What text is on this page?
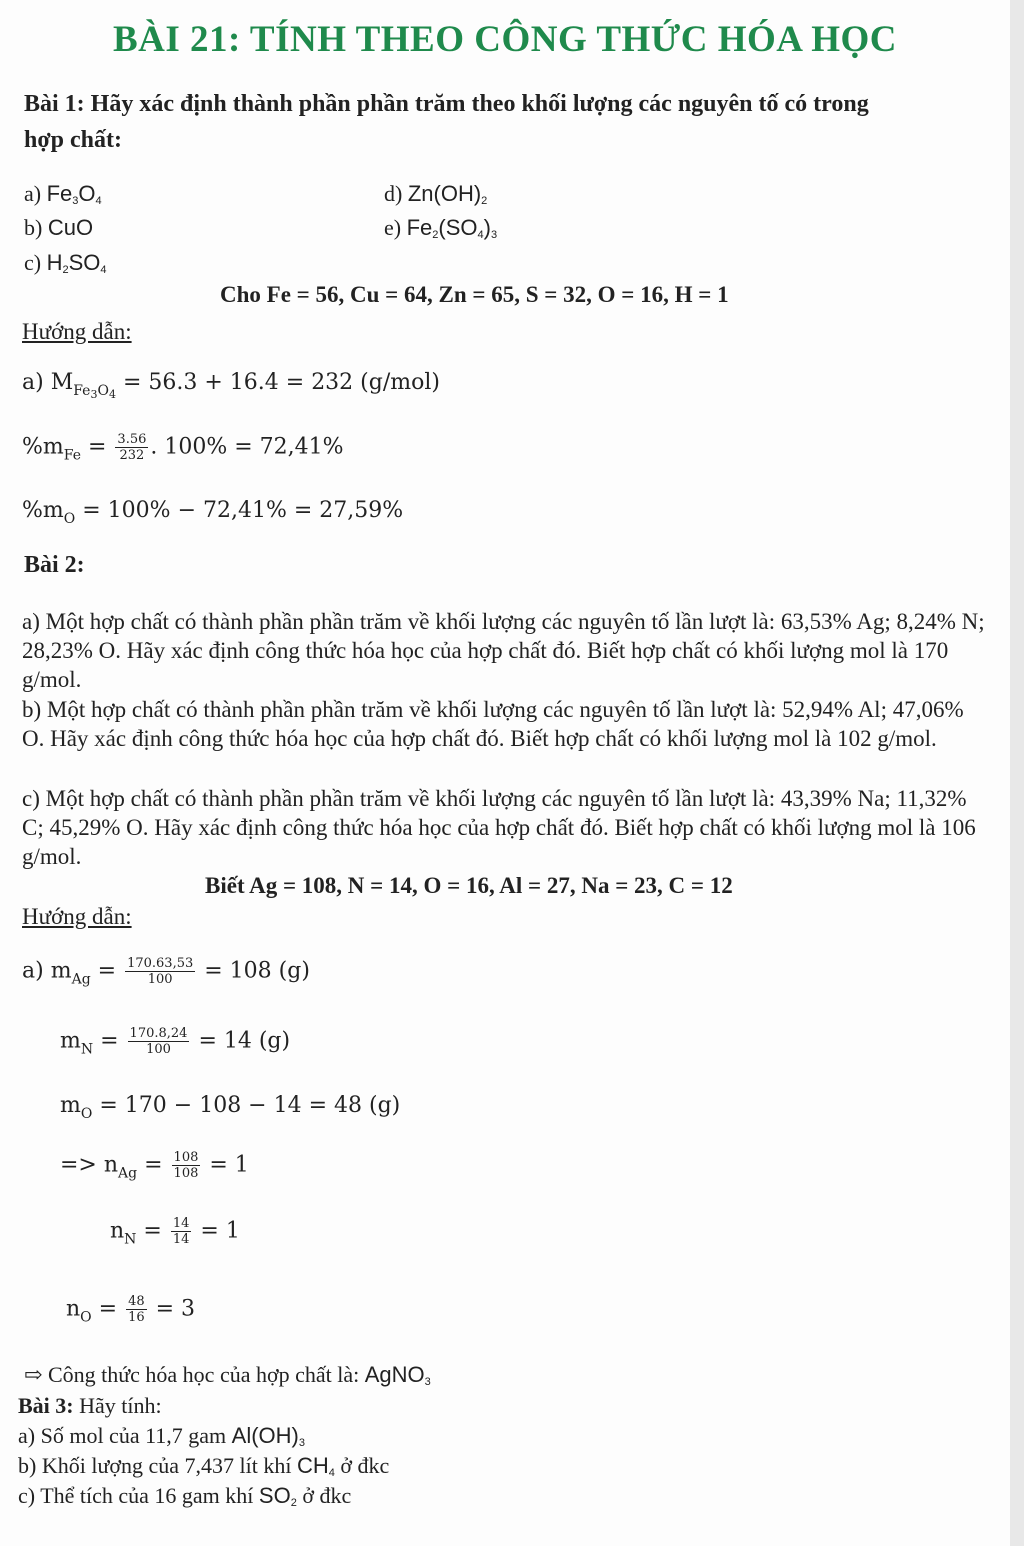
BÀI 21: TÍNH THEO CÔNG THỨC HÓA HỌC
Bài 1: Hãy xác định thành phần phần trăm theo khối lượng các nguyên tố có trong
hợp chất:
a) Fe3O4
b) CuO
c) H2SO4
d) Zn(OH)2
e) Fe2(SO4)3
Cho Fe = 56, Cu = 64, Zn = 65, S = 32, O = 16, H = 1
Hướng dẫn:
a) $M_{Fe_3O_4} = 56.3 + 16.4 = 232$ (g/mol)
$\%m_{Fe} = \frac{3.56}{232}$ . 100% = 72,41%
$\%m_O = 100\% - 72,41\% = 27,59\%$
Bài 2:
a) Một hợp chất có thành phần phần trăm về khối lượng các nguyên tố lần lượt là: 63,53% Ag; 8,24% N; 28,23% O. Hãy xác định công thức hóa học của hợp chất đó. Biết hợp chất có khối lượng mol là 170 g/mol.
b) Một hợp chất có thành phần phần trăm về khối lượng các nguyên tố lần lượt là: 52,94% Al; 47,06% O. Hãy xác định công thức hóa học của hợp chất đó. Biết hợp chất có khối lượng mol là 102 g/mol.
c) Một hợp chất có thành phần phần trăm về khối lượng các nguyên tố lần lượt là: 43,39% Na; 11,32% C; 45,29% O. Hãy xác định công thức hóa học của hợp chất đó. Biết hợp chất có khối lượng mol là 106 g/mol.
Biết Ag = 108, N = 14, O = 16, Al = 27, Na = 23, C = 12
Hướng dẫn:
a) $m_{Ag} = \frac{170.63,53}{100} = 108$ (g)
$m_N = \frac{170.8,24}{100} = 14$ (g)
$m_O = 170 - 108 - 14 = 48$ (g)
=> $n_{Ag} = \frac{108}{108} = 1$
$n_N = \frac{14}{14} = 1$
$n_O = \frac{48}{16} = 3$
⇨ Công thức hóa học của hợp chất là: AgNO3
Bài 3: Hãy tính:
a) Số mol của 11,7 gam Al(OH)3
b) Khối lượng của 7,437 lít khí CH4 ở đkc
c) Thể tích của 16 gam khí SO2 ở đkc
